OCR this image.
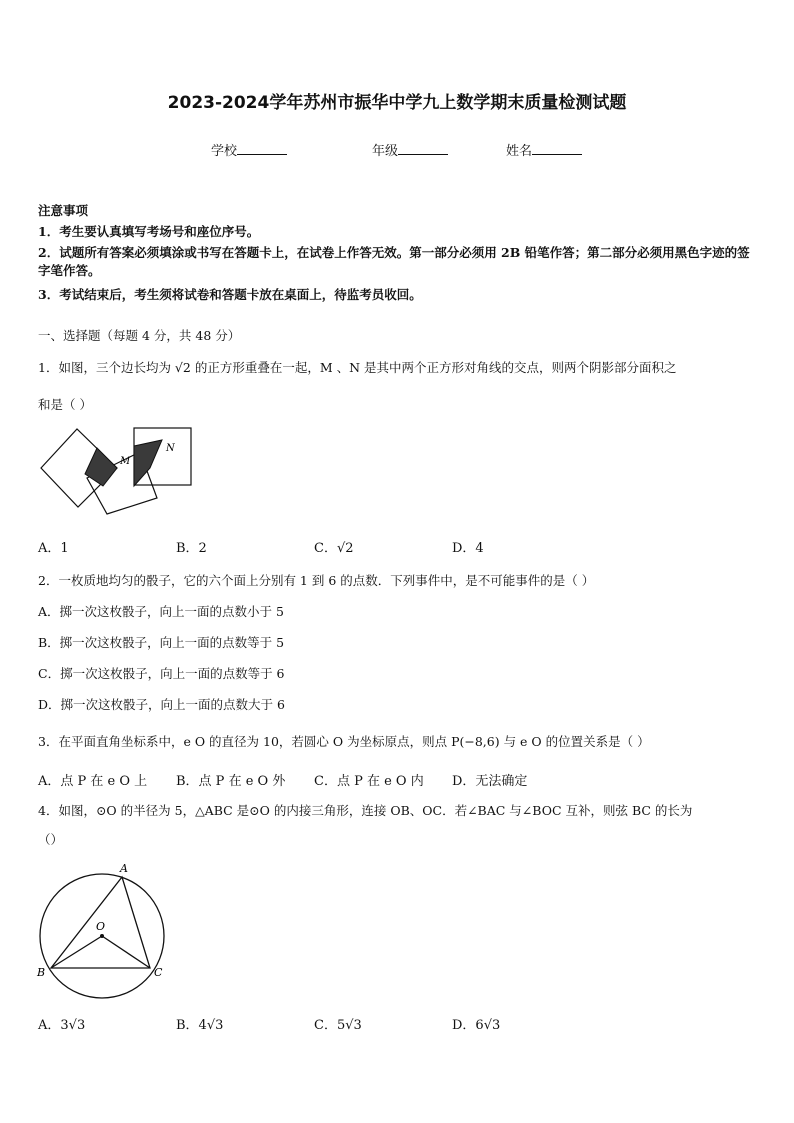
2023-2024学年苏州市振华中学九上数学期末质量检测试题
学校	年级	姓名
注意事项
1．考生要认真填写考场号和座位序号。
2．试题所有答案必须填涂或书写在答题卡上，在试卷上作答无效。第一部分必须用 2B 铅笔作答；第二部分必须用黑色字迹的签字笔作答。
3．考试结束后，考生须将试卷和答题卡放在桌面上，待监考员收回。
一、选择题（每题 4 分，共 48 分）
1．如图，三个边长均为 √2 的正方形重叠在一起，M 、N 是其中两个正方形对角线的交点，则两个阴影部分面积之
和是（ ）
M
N
A．1	B．2	C．√2	D．4
2．一枚质地均匀的骰子，它的六个面上分别有 1 到 6 的点数．下列事件中，是不可能事件的是（ ）
A．掷一次这枚骰子，向上一面的点数小于 5
B．掷一次这枚骰子，向上一面的点数等于 5
C．掷一次这枚骰子，向上一面的点数等于 6
D．掷一次这枚骰子，向上一面的点数大于 6
3．在平面直角坐标系中，e O 的直径为 10，若圆心 O 为坐标原点，则点 P(−8,6) 与 e O 的位置关系是（ ）
A．点 P 在 e O 上 B．点 P 在 e O 外 C．点 P 在 e O 内 D．无法确定
4．如图，⊙O 的半径为 5，△ABC 是⊙O 的内接三角形，连接 OB、OC．若∠BAC 与∠BOC 互补，则弦 BC 的长为
（）
A
B	C
O
A．3√3	B．4√3	C．5√3	D．6√3
